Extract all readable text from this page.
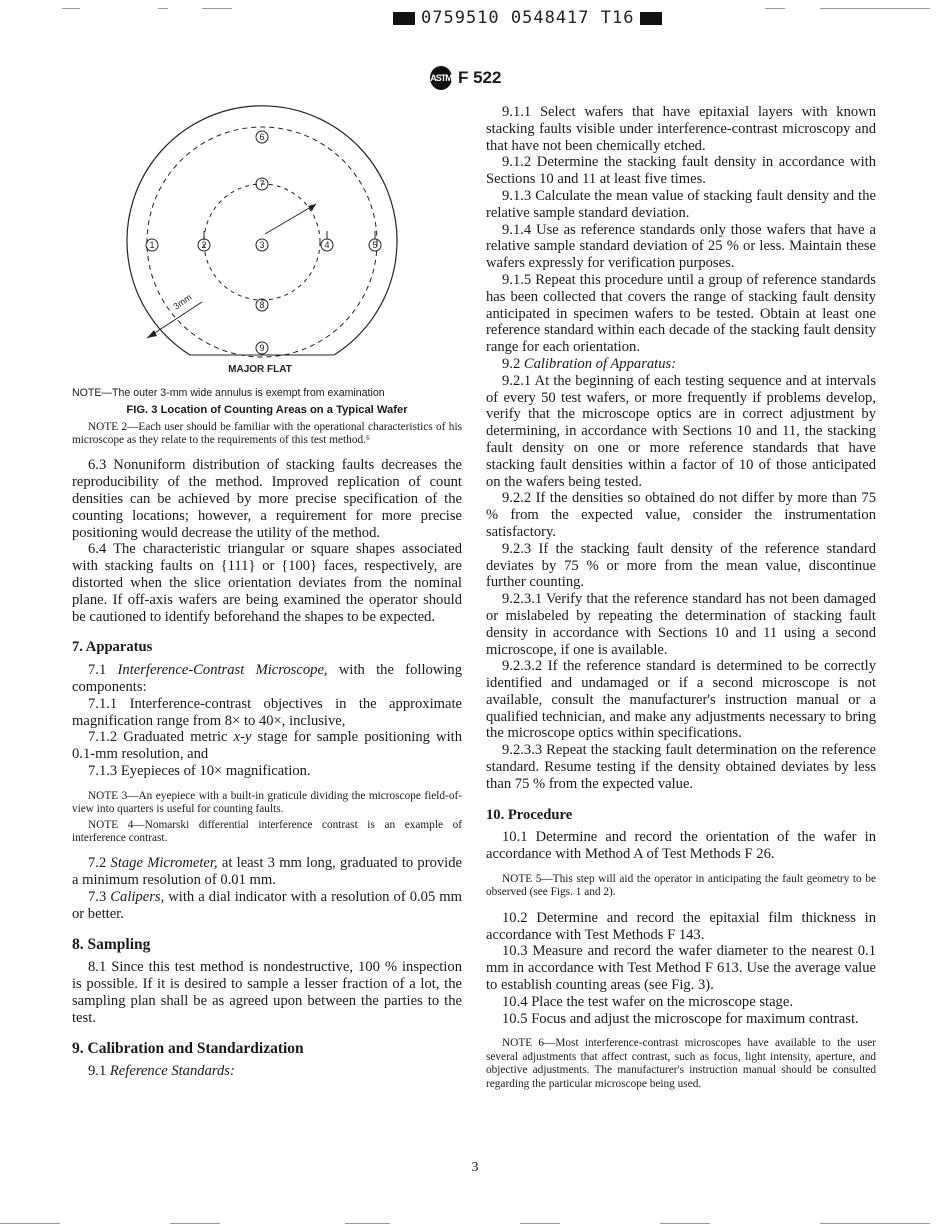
0759510 0548417 T16
ASTM F 522
3mm
6
7
8
3
1	2	4	5
9
MAJOR FLAT

NOTE—The outer 3-mm wide annulus is exempt from examination

FIG. 3 Location of Counting Areas on a Typical Wafer

NOTE 2—Each user should be familiar with the operational characteristics of his microscope as they relate to the requirements of this test method.⁶

6.3 Nonuniform distribution of stacking faults decreases the reproducibility of the method. Improved replication of count densities can be achieved by more precise specification of the counting locations; however, a requirement for more precise positioning would decrease the utility of the method.

6.4 The characteristic triangular or square shapes associated with stacking faults on {111} or {100} faces, respectively, are distorted when the slice orientation deviates from the nominal plane. If off-axis wafers are being examined the operator should be cautioned to identify beforehand the shapes to be expected.

7. Apparatus

7.1 Interference-Contrast Microscope, with the following components:

7.1.1 Interference-contrast objectives in the approximate magnification range from 8× to 40×, inclusive,

7.1.2 Graduated metric x-y stage for sample positioning with 0.1-mm resolution, and

7.1.3 Eyepieces of 10× magnification.

NOTE 3—An eyepiece with a built-in graticule dividing the microscope field-of-view into quarters is useful for counting faults.

NOTE 4—Nomarski differential interference contrast is an example of interference contrast.

7.2 Stage Micrometer, at least 3 mm long, graduated to provide a minimum resolution of 0.01 mm.

7.3 Calipers, with a dial indicator with a resolution of 0.05 mm or better.

8. Sampling

8.1 Since this test method is nondestructive, 100 % inspection is possible. If it is desired to sample a lesser fraction of a lot, the sampling plan shall be as agreed upon between the parties to the test.

9. Calibration and Standardization

9.1 Reference Standards:

9.1.1 Select wafers that have epitaxial layers with known stacking faults visible under interference-contrast microscopy and that have not been chemically etched.

9.1.2 Determine the stacking fault density in accordance with Sections 10 and 11 at least five times.

9.1.3 Calculate the mean value of stacking fault density and the relative sample standard deviation.

9.1.4 Use as reference standards only those wafers that have a relative sample standard deviation of 25 % or less. Maintain these wafers expressly for verification purposes.

9.1.5 Repeat this procedure until a group of reference standards has been collected that covers the range of stacking fault density anticipated in specimen wafers to be tested. Obtain at least one reference standard within each decade of the stacking fault density range for each orientation.

9.2 Calibration of Apparatus:

9.2.1 At the beginning of each testing sequence and at intervals of every 50 test wafers, or more frequently if problems develop, verify that the microscope optics are in correct adjustment by determining, in accordance with Sections 10 and 11, the stacking fault density on one or more reference standards that have stacking fault densities within a factor of 10 of those anticipated on the wafers being tested.

9.2.2 If the densities so obtained do not differ by more than 75 % from the expected value, consider the instrumentation satisfactory.

9.2.3 If the stacking fault density of the reference standard deviates by 75 % or more from the mean value, discontinue further counting.

9.2.3.1 Verify that the reference standard has not been damaged or mislabeled by repeating the determination of stacking fault density in accordance with Sections 10 and 11 using a second microscope, if one is available.

9.2.3.2 If the reference standard is determined to be correctly identified and undamaged or if a second microscope is not available, consult the manufacturer's instruction manual or a qualified technician, and make any adjustments necessary to bring the microscope optics within specifications.

9.2.3.3 Repeat the stacking fault determination on the reference standard. Resume testing if the density obtained deviates by less than 75 % from the expected value.

10. Procedure

10.1 Determine and record the orientation of the wafer in accordance with Method A of Test Methods F 26.

NOTE 5—This step will aid the operator in anticipating the fault geometry to be observed (see Figs. 1 and 2).

10.2 Determine and record the epitaxial film thickness in accordance with Test Methods F 143.

10.3 Measure and record the wafer diameter to the nearest 0.1 mm in accordance with Test Method F 613. Use the average value to establish counting areas (see Fig. 3).

10.4 Place the test wafer on the microscope stage.

10.5 Focus and adjust the microscope for maximum contrast.

NOTE 6—Most interference-contrast microscopes have available to the user several adjustments that affect contrast, such as focus, light intensity, aperture, and objective adjustments. The manufacturer's instruction manual should be consulted regarding the particular microscope being used.

3
